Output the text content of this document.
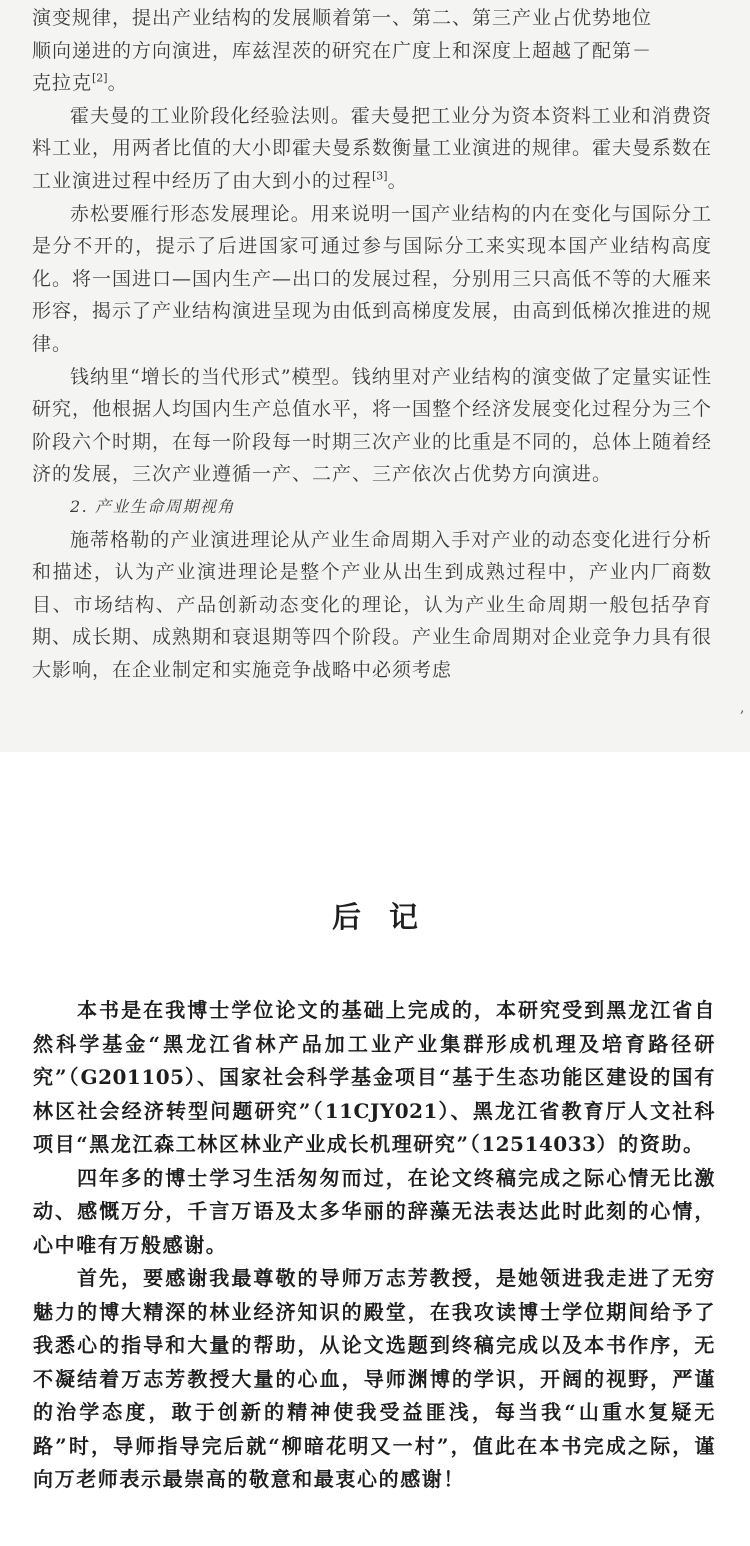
演变规律，提出产业结构的发展顺着第一、第二、第三产业占优势地位
顺向递进的方向演进，库兹涅茨的研究在广度上和深度上超越了配第－
克拉克[2]。

霍夫曼的工业阶段化经验法则。霍夫曼把工业分为资本资料工业和消费资料工业，用两者比值的大小即霍夫曼系数衡量工业演进的规律。霍夫曼系数在工业演进过程中经历了由大到小的过程[3]。

赤松要雁行形态发展理论。用来说明一国产业结构的内在变化与国际分工是分不开的，提示了后进国家可通过参与国际分工来实现本国产业结构高度化。将一国进口—国内生产—出口的发展过程，分别用三只高低不等的大雁来形容，揭示了产业结构演进呈现为由低到高梯度发展，由高到低梯次推进的规律。

钱纳里“增长的当代形式”模型。钱纳里对产业结构的演变做了定量实证性研究，他根据人均国内生产总值水平，将一国整个经济发展变化过程分为三个阶段六个时期，在每一阶段每一时期三次产业的比重是不同的，总体上随着经济的发展，三次产业遵循一产、二产、三产依次占优势方向演进。

2. 产业生命周期视角

施蒂格勒的产业演进理论从产业生命周期入手对产业的动态变化进行分析和描述，认为产业演进理论是整个产业从出生到成熟过程中，产业内厂商数目、市场结构、产品创新动态变化的理论，认为产业生命周期一般包括孕育期、成长期、成熟期和衰退期等四个阶段。产业生命周期对企业竞争力具有很大影响，在企业制定和实施竞争战略中必须考虑

,
后记

本书是在我博士学位论文的基础上完成的，本研究受到黑龙江省自然科学基金“黑龙江省林产品加工业产业集群形成机理及培育路径研究”（G201105）、国家社会科学基金项目“基于生态功能区建设的国有林区社会经济转型问题研究”（11CJY021）、黑龙江省教育厅人文社科项目“黑龙江森工林区林业产业成长机理研究”（12514033）的资助。

四年多的博士学习生活匆匆而过，在论文终稿完成之际心情无比激动、感慨万分，千言万语及太多华丽的辞藻无法表达此时此刻的心情，心中唯有万般感谢。

首先，要感谢我最尊敬的导师万志芳教授，是她领进我走进了无穷魅力的博大精深的林业经济知识的殿堂，在我攻读博士学位期间给予了我悉心的指导和大量的帮助，从论文选题到终稿完成以及本书作序，无不凝结着万志芳教授大量的心血，导师渊博的学识，开阔的视野，严谨的治学态度，敢于创新的精神使我受益匪浅，每当我“山重水复疑无路”时，导师指导完后就“柳暗花明又一村”，值此在本书完成之际，谨向万老师表示最崇高的敬意和最衷心的感谢！
